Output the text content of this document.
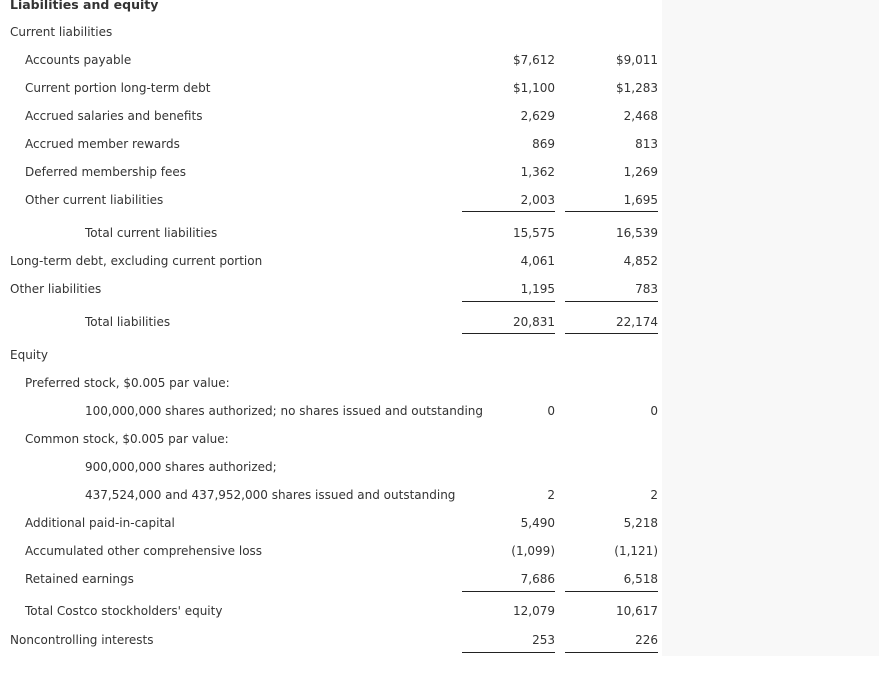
Liabilities and equity
Current liabilities
Accounts payable	$7,612	$9,011
Current portion long-term debt	$1,100	$1,283
Accrued salaries and benefits	2,629	2,468
Accrued member rewards	869	813
Deferred membership fees	1,362	1,269
Other current liabilities	2,003	1,695
Total current liabilities	15,575	16,539
Long-term debt, excluding current portion	4,061	4,852
Other liabilities	1,195	783
Total liabilities	20,831	22,174
Equity
Preferred stock, $0.005 par value:
100,000,000 shares authorized; no shares issued and outstanding	0	0
Common stock, $0.005 par value:
900,000,000 shares authorized;
437,524,000 and 437,952,000 shares issued and outstanding	2	2
Additional paid-in-capital	5,490	5,218
Accumulated other comprehensive loss	(1,099)	(1,121)
Retained earnings	7,686	6,518
Total Costco stockholders' equity	12,079	10,617
Noncontrolling interests	253	226
